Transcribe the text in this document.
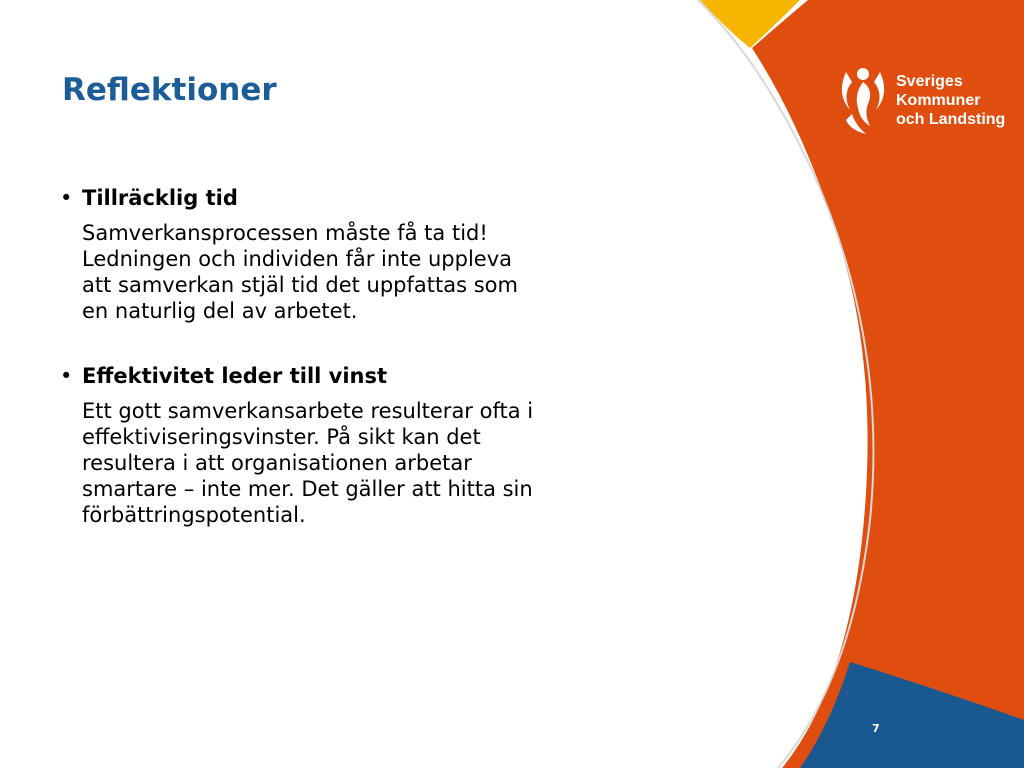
Reflektioner
• Tillräcklig tid
Samverkansprocessen måste få ta tid!
Ledningen och individen får inte uppleva
att samverkan stjäl tid det uppfattas som
en naturlig del av arbetet.
• Effektivitet leder till vinst
Ett gott samverkansarbete resulterar ofta i
effektiviseringsvinster. På sikt kan det
resultera i att organisationen arbetar
smartare – inte mer. Det gäller att hitta sin
förbättringspotential.
Sveriges
Kommuner
och Landsting
7
